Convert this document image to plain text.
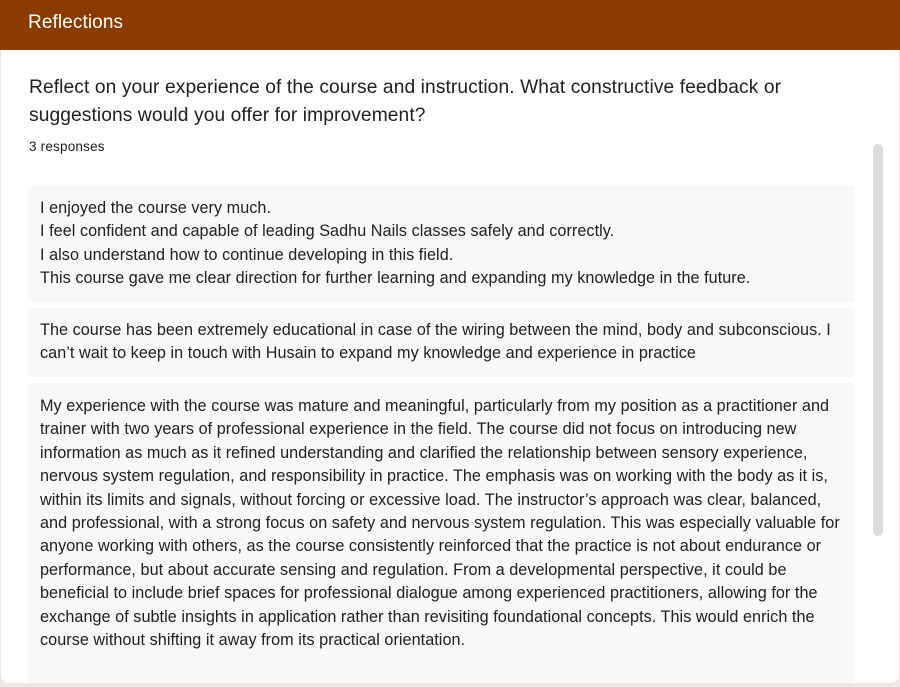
Reflections
Reflect on your experience of the course and instruction. What constructive feedback or suggestions would you offer for improvement?
3 responses
I enjoyed the course very much.
I feel confident and capable of leading Sadhu Nails classes safely and correctly.
I also understand how to continue developing in this field.
This course gave me clear direction for further learning and expanding my knowledge in the future.
The course has been extremely educational in case of the wiring between the mind, body and subconscious. I can’t wait to keep in touch with Husain to expand my knowledge and experience in practice
My experience with the course was mature and meaningful, particularly from my position as a practitioner and trainer with two years of professional experience in the field. The course did not focus on introducing new information as much as it refined understanding and clarified the relationship between sensory experience, nervous system regulation, and responsibility in practice. The emphasis was on working with the body as it is, within its limits and signals, without forcing or excessive load. The instructor’s approach was clear, balanced, and professional, with a strong focus on safety and nervous system regulation. This was especially valuable for anyone working with others, as the course consistently reinforced that the practice is not about endurance or performance, but about accurate sensing and regulation. From a developmental perspective, it could be beneficial to include brief spaces for professional dialogue among experienced practitioners, allowing for the exchange of subtle insights in application rather than revisiting foundational concepts. This would enrich the course without shifting it away from its practical orientation.
